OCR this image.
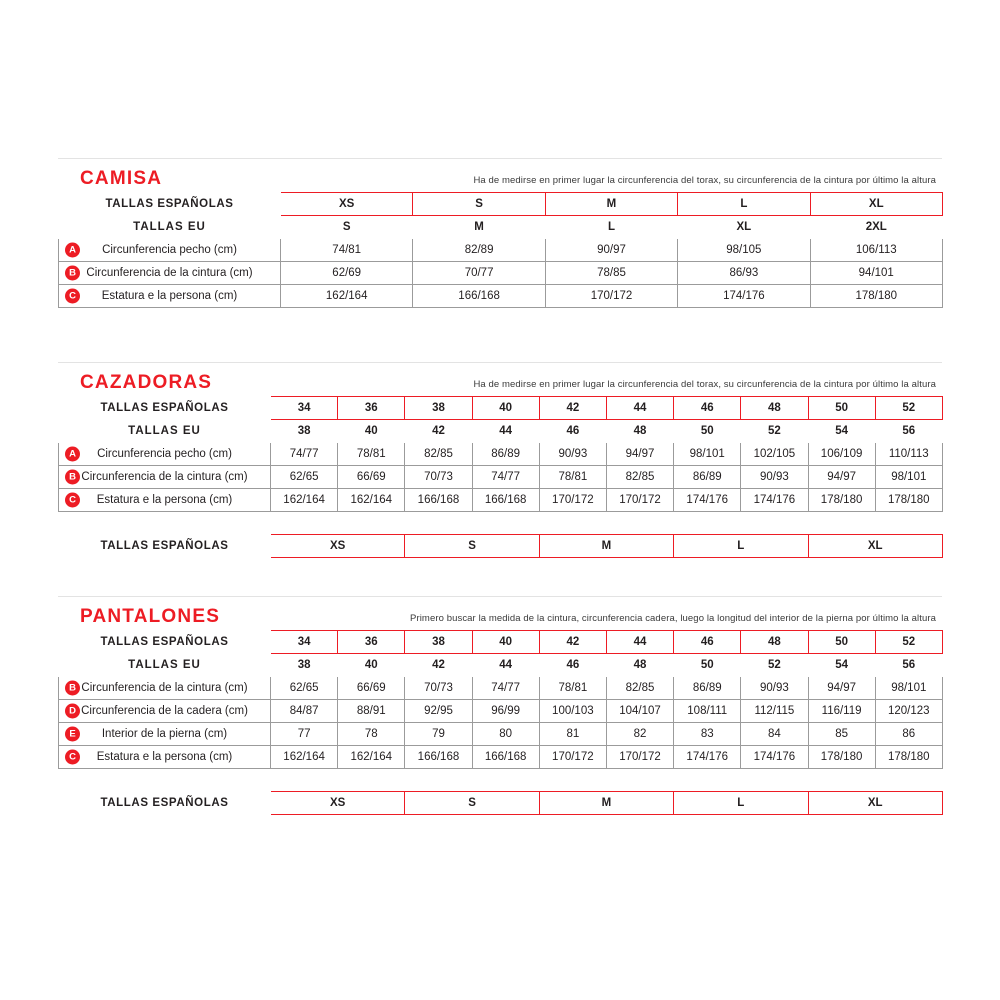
CAMISA	Ha de medirse en primer lugar la circunferencia del torax, su circunferencia de la cintura por último la altura
TALLAS ESPAÑOLAS	XS	S	M	L	XL
TALLAS EU	S	M	L	XL	2XL

A Circunferencia pecho (cm)	74/81	82/89	90/97	98/105	106/113

B Circunferencia de la cintura (cm)	62/69	70/77	78/85	86/93	94/101

C Estatura e la persona (cm)	162/164	166/168	170/172	174/176	178/180
CAZADORAS	Ha de medirse en primer lugar la circunferencia del torax, su circunferencia de la cintura por último la altura
TALLAS ESPAÑOLAS	34	36	38	40	42	44	46	48	50	52
TALLAS EU	38	40	42	44	46	48	50	52	54	56

A Circunferencia pecho (cm)	74/77	78/81	82/85	86/89	90/93	94/97	98/101	102/105	106/109	110/113

B Circunferencia de la cintura (cm)	62/65	66/69	70/73	74/77	78/81	82/85	86/89	90/93	94/97	98/101

C Estatura e la persona (cm)	162/164	162/164	166/168	166/168	170/172	170/172	174/176	174/176	178/180	178/180

TALLAS ESPAÑOLAS	XS		S		M		L		XL	
PANTALONES	Primero buscar la medida de la cintura, circunferencia cadera, luego la longitud del interior de la pierna por último la altura
TALLAS ESPAÑOLAS	34	36	38	40	42	44	46	48	50	52
TALLAS EU	38	40	42	44	46	48	50	52	54	56

B Circunferencia de la cintura (cm)	62/65	66/69	70/73	74/77	78/81	82/85	86/89	90/93	94/97	98/101

D Circunferencia de la cadera (cm)	84/87	88/91	92/95	96/99	100/103	104/107	108/111	112/115	116/119	120/123

E Interior de la pierna (cm)	77	78	79	80	81	82	83	84	85	86

C Estatura e la persona (cm)	162/164	162/164	166/168	166/168	170/172	170/172	174/176	174/176	178/180	178/180

TALLAS ESPAÑOLAS	XS		S		M		L		XL	
